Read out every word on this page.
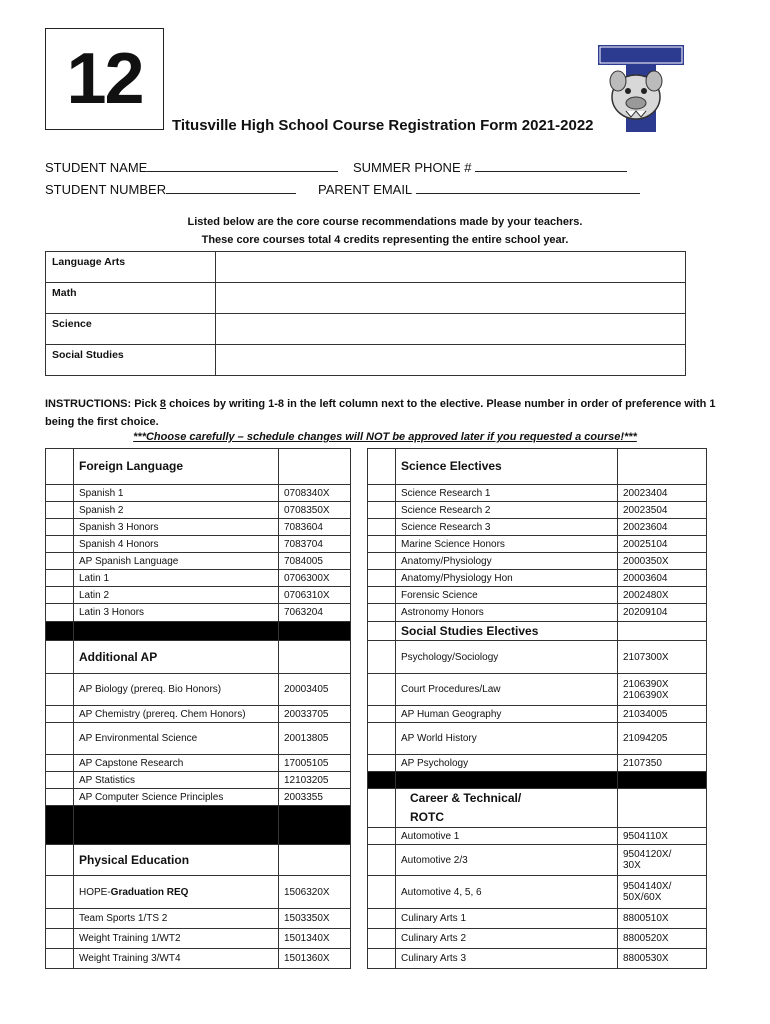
12
Titusville High School Course Registration Form 2021-2022
STUDENT NAME	SUMMER PHONE #
STUDENT NUMBER	PARENT EMAIL
Listed below are the core course recommendations made by your teachers.
These core courses total 4 credits representing the entire school year.
Language Arts	
Math	
Science	
Social Studies	
INSTRUCTIONS: Pick 8 choices by writing 1-8 in the left column next to the elective. Please number in order of preference with 1 being the first choice.
***Choose carefully – schedule changes will NOT be approved later if you requested a course!***
	Foreign Language	
	Spanish 1	0708340X
	Spanish 2	0708350X
	Spanish 3 Honors	7083604
	Spanish 4 Honors	7083704
	AP Spanish Language	7084005
	Latin 1	0706300X
	Latin 2	0706310X
	Latin 3 Honors	7063204

	Additional AP	
	AP Biology (prereq. Bio Honors)	20003405
	AP Chemistry (prereq. Chem Honors)	20033705
	AP Environmental Science	20013805
	AP Capstone Research	17005105
	AP Statistics	12103205
	AP Computer Science Principles	2003355

	Physical Education	
	HOPE-Graduation REQ	1506320X
	Team Sports 1/TS 2	1503350X
	Weight Training 1/WT2	1501340X
	Weight Training 3/WT4	1501360X
	Science Electives	
	Science Research 1	20023404
	Science Research 2	20023504
	Science Research 3	20023604
	Marine Science Honors	20025104
	Anatomy/Physiology	2000350X
	Anatomy/Physiology Hon	20003604
	Forensic Science	2002480X
	Astronomy Honors	20209104
	Social Studies Electives	
	Psychology/Sociology	2107300X
	Court Procedures/Law	2106390X
2106390X
	AP Human Geography	21034005
	AP World History	21094205
	AP Psychology	2107350

	Career & Technical/
ROTC	
	Automotive 1	9504110X
	Automotive 2/3	9504120X/
30X
	Automotive 4, 5, 6	9504140X/
50X/60X
	Culinary Arts 1	8800510X
	Culinary Arts 2	8800520X
	Culinary Arts 3	8800530X
